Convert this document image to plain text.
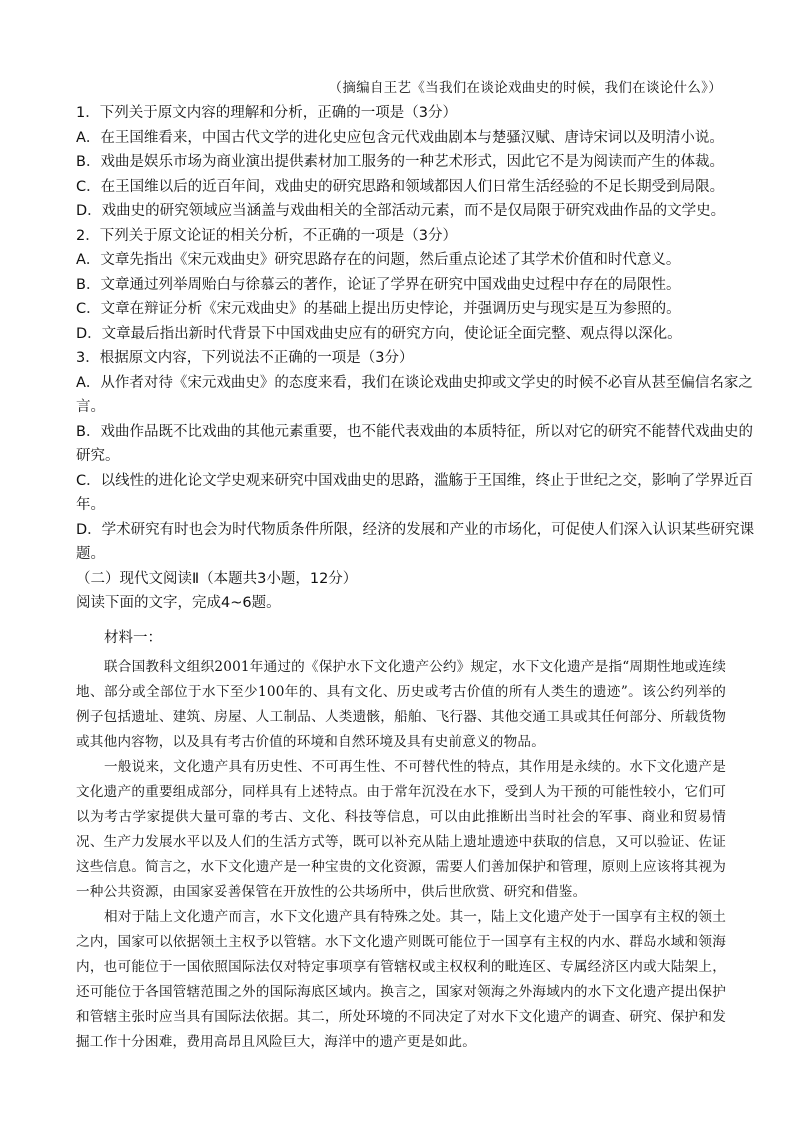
（摘编自王艺《当我们在谈论戏曲史的时候，我们在谈论什么》）

1．下列关于原文内容的理解和分析，正确的一项是（3分）

A．在王国维看来，中国古代文学的进化史应包含元代戏曲剧本与楚骚汉赋、唐诗宋词以及明清小说。

B．戏曲是娱乐市场为商业演出提供素材加工服务的一种艺术形式，因此它不是为阅读而产生的体裁。

C．在王国维以后的近百年间，戏曲史的研究思路和领域都因人们日常生活经验的不足长期受到局限。

D．戏曲史的研究领域应当涵盖与戏曲相关的全部活动元素，而不是仅局限于研究戏曲作品的文学史。

2．下列关于原文论证的相关分析，不正确的一项是（3分）

A．文章先指出《宋元戏曲史》研究思路存在的问题，然后重点论述了其学术价值和时代意义。

B．文章通过列举周贻白与徐慕云的著作，论证了学界在研究中国戏曲史过程中存在的局限性。

C．文章在辩证分析《宋元戏曲史》的基础上提出历史悖论，并强调历史与现实是互为参照的。

D．文章最后指出新时代背景下中国戏曲史应有的研究方向，使论证全面完整、观点得以深化。

3．根据原文内容，下列说法不正确的一项是（3分）

A．从作者对待《宋元戏曲史》的态度来看，我们在谈论戏曲史抑或文学史的时候不必盲从甚至偏信名家之

言。

B．戏曲作品既不比戏曲的其他元素重要，也不能代表戏曲的本质特征，所以对它的研究不能替代戏曲史的

研究。

C．以线性的进化论文学史观来研究中国戏曲史的思路，滥觞于王国维，终止于世纪之交，影响了学界近百

年。

D．学术研究有时也会为时代物质条件所限，经济的发展和产业的市场化，可促使人们深入认识某些研究课

题。

（二）现代文阅读Ⅱ（本题共3小题，12分）

阅读下面的文字，完成4~6题。

材料一：

联合国教科文组织2001年通过的《保护水下文化遗产公约》规定，水下文化遗产是指“周期性地或连续地、部分或全部位于水下至少100年的、具有文化、历史或考古价值的所有人类生的遗迹”。该公约列举的例子包括遗址、建筑、房屋、人工制品、人类遗骸，船舶、飞行器、其他交通工具或其任何部分、所载货物或其他内容物，以及具有考古价值的环境和自然环境及具有史前意义的物品。

一般说来，文化遗产具有历史性、不可再生性、不可替代性的特点，其作用是永续的。水下文化遗产是文化遗产的重要组成部分，同样具有上述特点。由于常年沉没在水下，受到人为干预的可能性较小，它们可以为考古学家提供大量可靠的考古、文化、科技等信息，可以由此推断出当时社会的军事、商业和贸易情况、生产力发展水平以及人们的生活方式等，既可以补充从陆上遗址遗迹中获取的信息，又可以验证、佐证这些信息。简言之，水下文化遗产是一种宝贵的文化资源，需要人们善加保护和管理，原则上应该将其视为一种公共资源，由国家妥善保管在开放性的公共场所中，供后世欣赏、研究和借鉴。

相对于陆上文化遗产而言，水下文化遗产具有特殊之处。其一，陆上文化遗产处于一国享有主权的领土之内，国家可以依据领土主权予以管辖。水下文化遗产则既可能位于一国享有主权的内水、群岛水域和领海内，也可能位于一国依照国际法仅对特定事项享有管辖权或主权权利的毗连区、专属经济区内或大陆架上，还可能位于各国管辖范围之外的国际海底区域内。换言之，国家对领海之外海域内的水下文化遗产提出保护和管辖主张时应当具有国际法依据。其二，所处环境的不同决定了对水下文化遗产的调查、研究、保护和发掘工作十分困难，费用高昂且风险巨大，海洋中的遗产更是如此。
